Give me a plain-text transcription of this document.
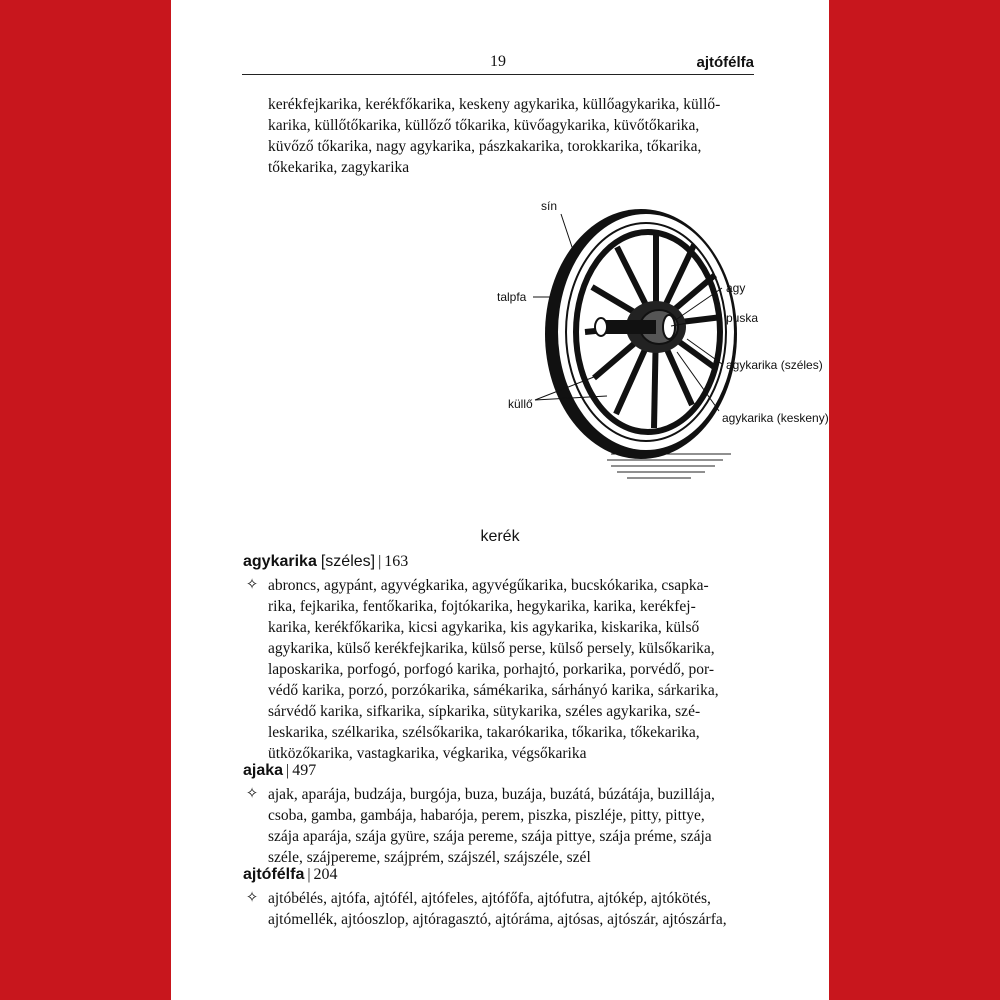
19	ajtófélfa

kerékfejkarika, kerékfőkarika, keskeny agykarika, küllőagykarika, küllő-
karika, küllőtőkarika, küllőző tőkarika, küvőagykarika, küvőtőkarika,
küvőző tőkarika, nagy agykarika, pászkakarika, torokkarika, tőkarika,
tőkekarika, zagykarika

sín
talpfa
küllő
agy
puska
agykarika (széles)
agykarika (keskeny)
kerék
agykarika [széles] | 163
✧ abroncs, agypánt, agyvégkarika, agyvégűkarika, bucskókarika, csapka-
rika, fejkarika, fentőkarika, fojtókarika, hegykarika, karika, kerékfej-
karika, kerékfőkarika, kicsi agykarika, kis agykarika, kiskarika, külső
agykarika, külső kerékfejkarika, külső perse, külső persely, külsőkarika,
laposkarika, porfogó, porfogó karika, porhajtó, porkarika, porvédő, por-
védő karika, porzó, porzókarika, sámékarika, sárhányó karika, sárkarika,
sárvédő karika, sifkarika, sípkarika, sütykarika, széles agykarika, szé-
leskarika, szélkarika, szélsőkarika, takarókarika, tőkarika, tőkekarika,
ütközőkarika, vastagkarika, végkarika, végsőkarika

ajaka | 497
✧ ajak, aparája, budzája, burgója, buza, buzája, buzátá, búzátája, buzillája,
csoba, gamba, gambája, habarója, perem, piszka, piszléje, pitty, pittye,
szája aparája, szája gyüre, szája pereme, szája pittye, szája préme, szája
széle, szájpereme, szájprém, szájszél, szájszéle, szél

ajtófélfa | 204
✧ ajtóbélés, ajtófa, ajtófél, ajtófeles, ajtófőfa, ajtófutra, ajtókép, ajtókötés,
ajtómellék, ajtóoszlop, ajtóragasztó, ajtóráma, ajtósas, ajtószár, ajtószárfa,
